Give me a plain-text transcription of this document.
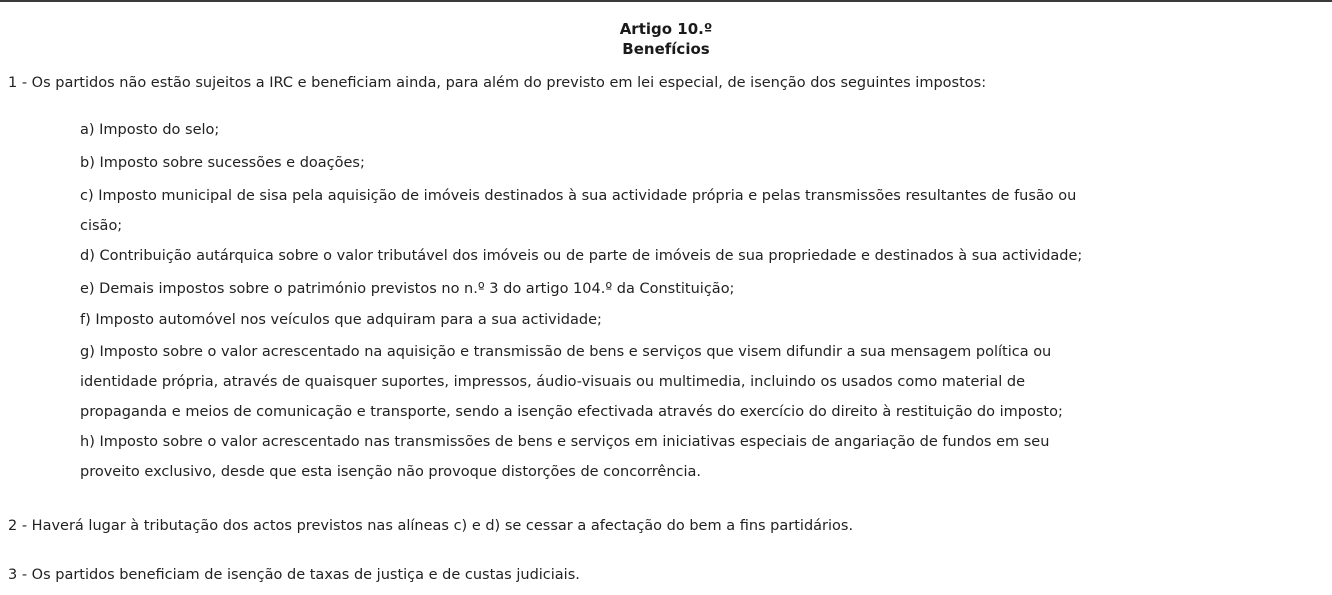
Artigo 10.º
Benefícios
1 - Os partidos não estão sujeitos a IRC e beneficiam ainda, para além do previsto em lei especial, de isenção dos seguintes impostos:
a) Imposto do selo;
b) Imposto sobre sucessões e doações;
c) Imposto municipal de sisa pela aquisição de imóveis destinados à sua actividade própria e pelas transmissões resultantes de fusão ou
cisão;
d) Contribuição autárquica sobre o valor tributável dos imóveis ou de parte de imóveis de sua propriedade e destinados à sua actividade;
e) Demais impostos sobre o património previstos no n.º 3 do artigo 104.º da Constituição;
f) Imposto automóvel nos veículos que adquiram para a sua actividade;
g) Imposto sobre o valor acrescentado na aquisição e transmissão de bens e serviços que visem difundir a sua mensagem política ou
identidade própria, através de quaisquer suportes, impressos, áudio-visuais ou multimedia, incluindo os usados como material de
propaganda e meios de comunicação e transporte, sendo a isenção efectivada através do exercício do direito à restituição do imposto;
h) Imposto sobre o valor acrescentado nas transmissões de bens e serviços em iniciativas especiais de angariação de fundos em seu
proveito exclusivo, desde que esta isenção não provoque distorções de concorrência.
2 - Haverá lugar à tributação dos actos previstos nas alíneas c) e d) se cessar a afectação do bem a fins partidários.
3 - Os partidos beneficiam de isenção de taxas de justiça e de custas judiciais.
